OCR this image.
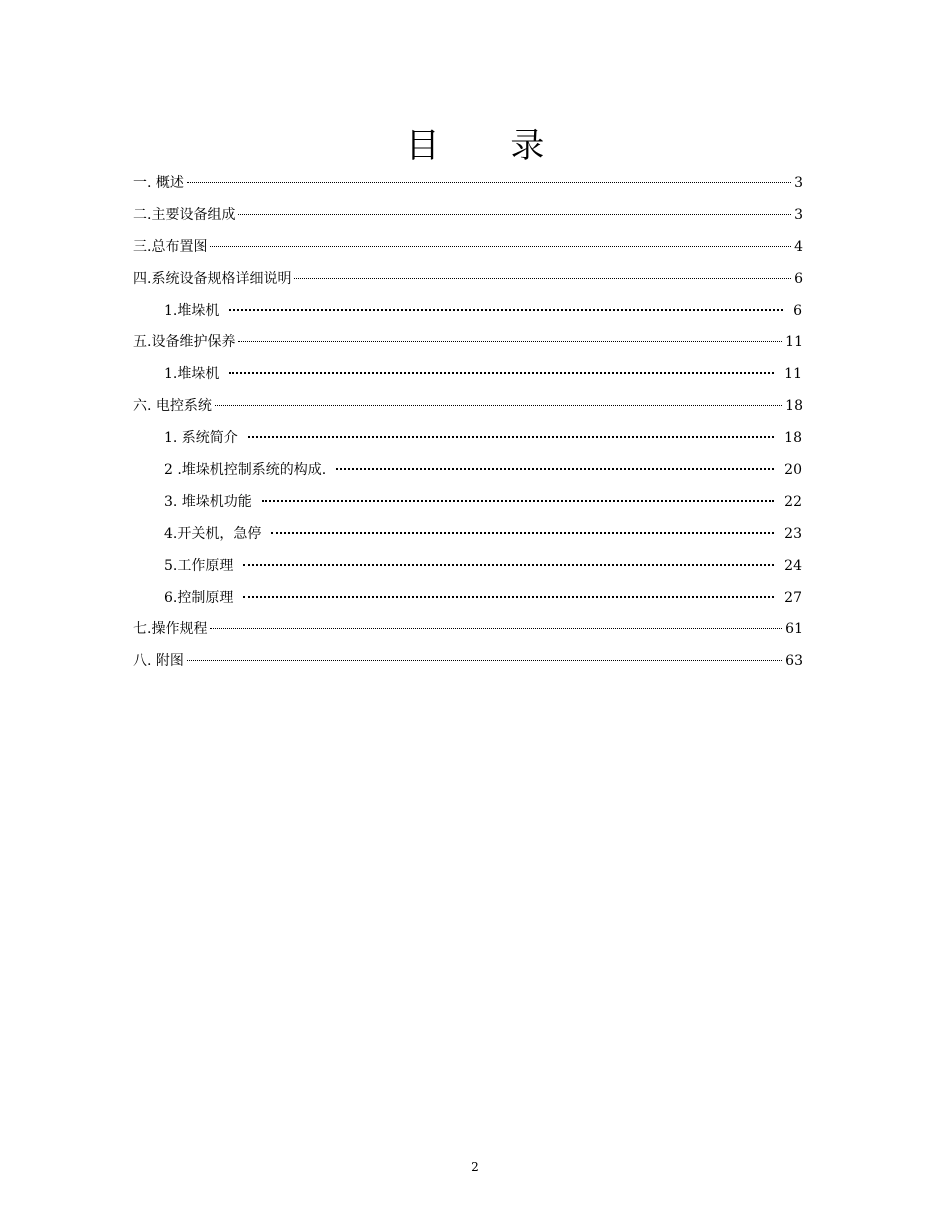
目 录
一. 概述	3
二.主要设备组成	3
三.总布置图	4
四.系统设备规格详细说明	6
1.堆垛机	6
五.设备维护保养	11
1.堆垛机	11
六. 电控系统	18
1. 系统简介	18
2 .堆垛机控制系统的构成.	20
3. 堆垛机功能	22
4.开关机，急停	23
5.工作原理	24
6.控制原理	27
七.操作规程	61
八. 附图	63
2
